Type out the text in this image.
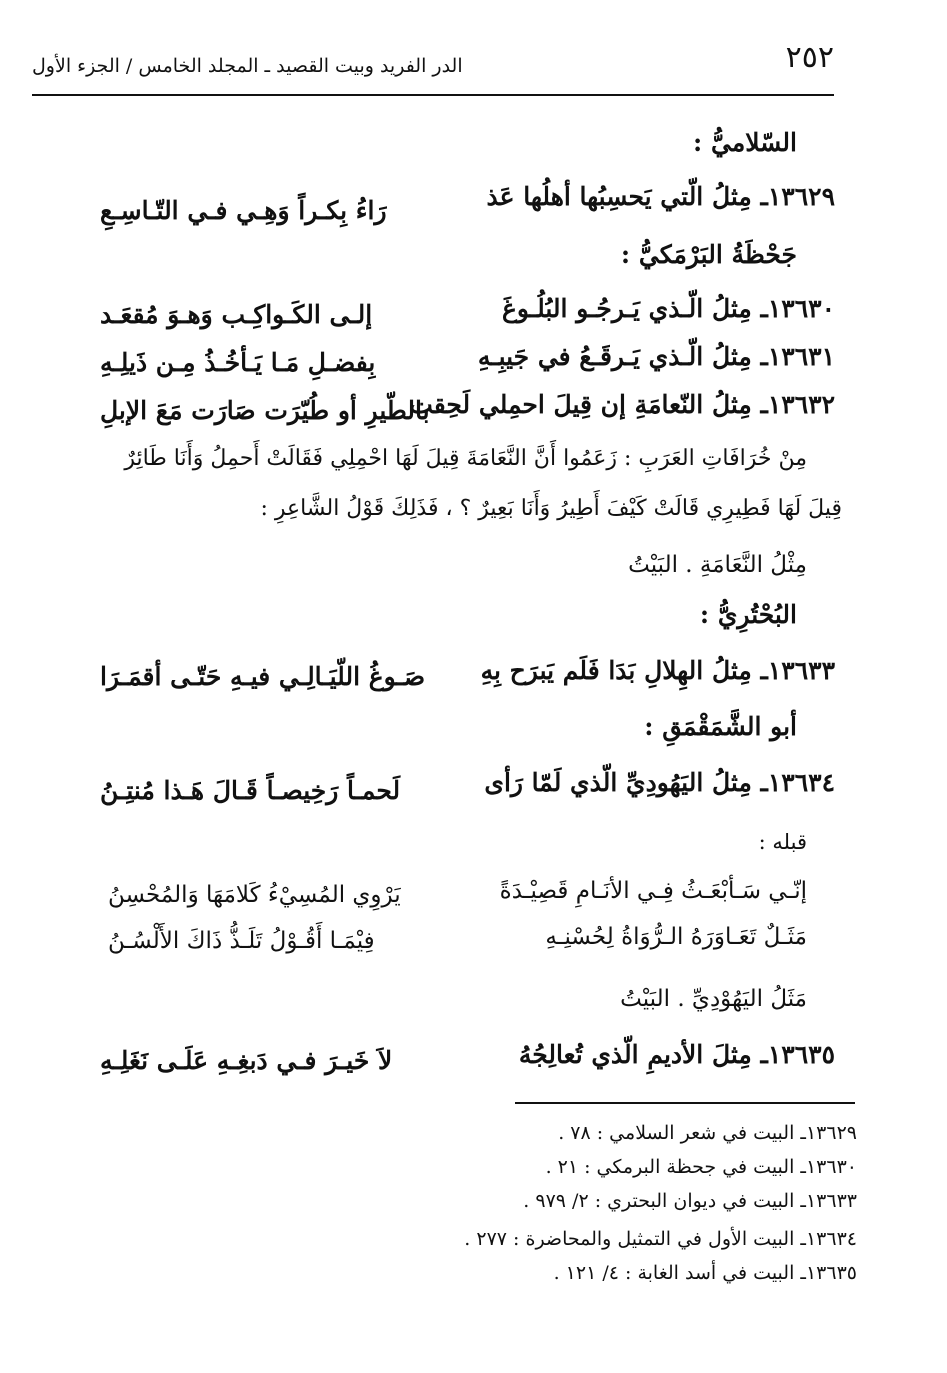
٢٥٢
الدر الفريد وبيت القصيد ـ المجلد الخامس / الجزء الأول
السّلاميُّ :
١٣٦٢٩ـ مِثلُ الّتي يَحسِبُها أهلُها عَذ
رَاءُ بِكـراً وَهِـي فـي التّـاسِـعِ
جَحْظَةُ البَرْمَكيُّ :
١٣٦٣٠ـ مِثلُ الّـذي يَـرجُـو البُلُـوغَ
إلـى الكَـواكِـب وَهـوَ مُقعَـد
١٣٦٣١ـ مِثلُ الّـذي يَـرقَـعُ في جَيبِـهِ
بِفضـلِ مَـا يَـأخُـذُ مِـن ذَيلِـهِ
١٣٦٣٢ـ مِثلُ النّعامَةِ إن قِيلَ احمِلي لَحِقت
بالطّيرِ أو طُيّرَت صَارَت مَعَ الإبلِ
مِنْ خُرَافَاتِ العَرَبِ : زَعَمُوا أَنَّ النَّعَامَةَ قِيلَ لَهَا احْمِلِي فَقَالَتْ أَحمِلُ وَأَنَا طَائِرٌ
قِيلَ لَهَا فَطِيرِي قَالَتْ كَيْفَ أَطِيرُ وَأَنَا بَعِيرٌ ؟ ، فَذَلِكَ قَوْلُ الشَّاعِرِ :
مِثْلُ النَّعَامَةِ . البَيْتُ
البُحْتُرِيُّ :
١٣٦٣٣ـ مِثلُ الهِلالِ بَدَا فَلَم يَبرَح بِهِ
صَـوغُ اللّيَـالِـي فيـهِ حَتّـى أقمَـرَا
أبو الشَّمَقْمَقِ :
١٣٦٣٤ـ مِثلُ اليَهُودِيِّ الّذي لَمّا رَأى
لَحمـاً رَخِيصـاً قَـالَ هَـذا مُنتِـنُ
قبله :
إنّـي سَـأبْعَـثُ فِـي الأنَـامِ قَصِيْـدَةً
يَرْوِي المُسِيْءُ كَلامَهَا وَالمُحْسِنُ
مَثَـلٌ تَعَـاوَرَهُ الـرُّوَاةُ لِحُسْنِـهِ
فِيْمَـا أَقُـوْلُ تَلَـذُّ ذَاكَ الأَلْسُـنُ
مَثَلُ اليَهُوْدِيِّ . البَيْتُ
١٣٦٣٥ـ مِثلَ الأديمِ الّذي تُعالِجُهُ
لاَ خَيـرَ فـي دَبغِـهِ عَلَـى نَغَلِـهِ
١٣٦٢٩ـ البيت في شعر السلامي : ٧٨ .
١٣٦٣٠ـ البيت في جحظة البرمكي : ٢١ .
١٣٦٣٣ـ البيت في ديوان البحتري : ٢/ ٩٧٩ .
١٣٦٣٤ـ البيت الأول في التمثيل والمحاضرة : ٢٧٧ .
١٣٦٣٥ـ البيت في أسد الغابة : ٤/ ١٢١ .
